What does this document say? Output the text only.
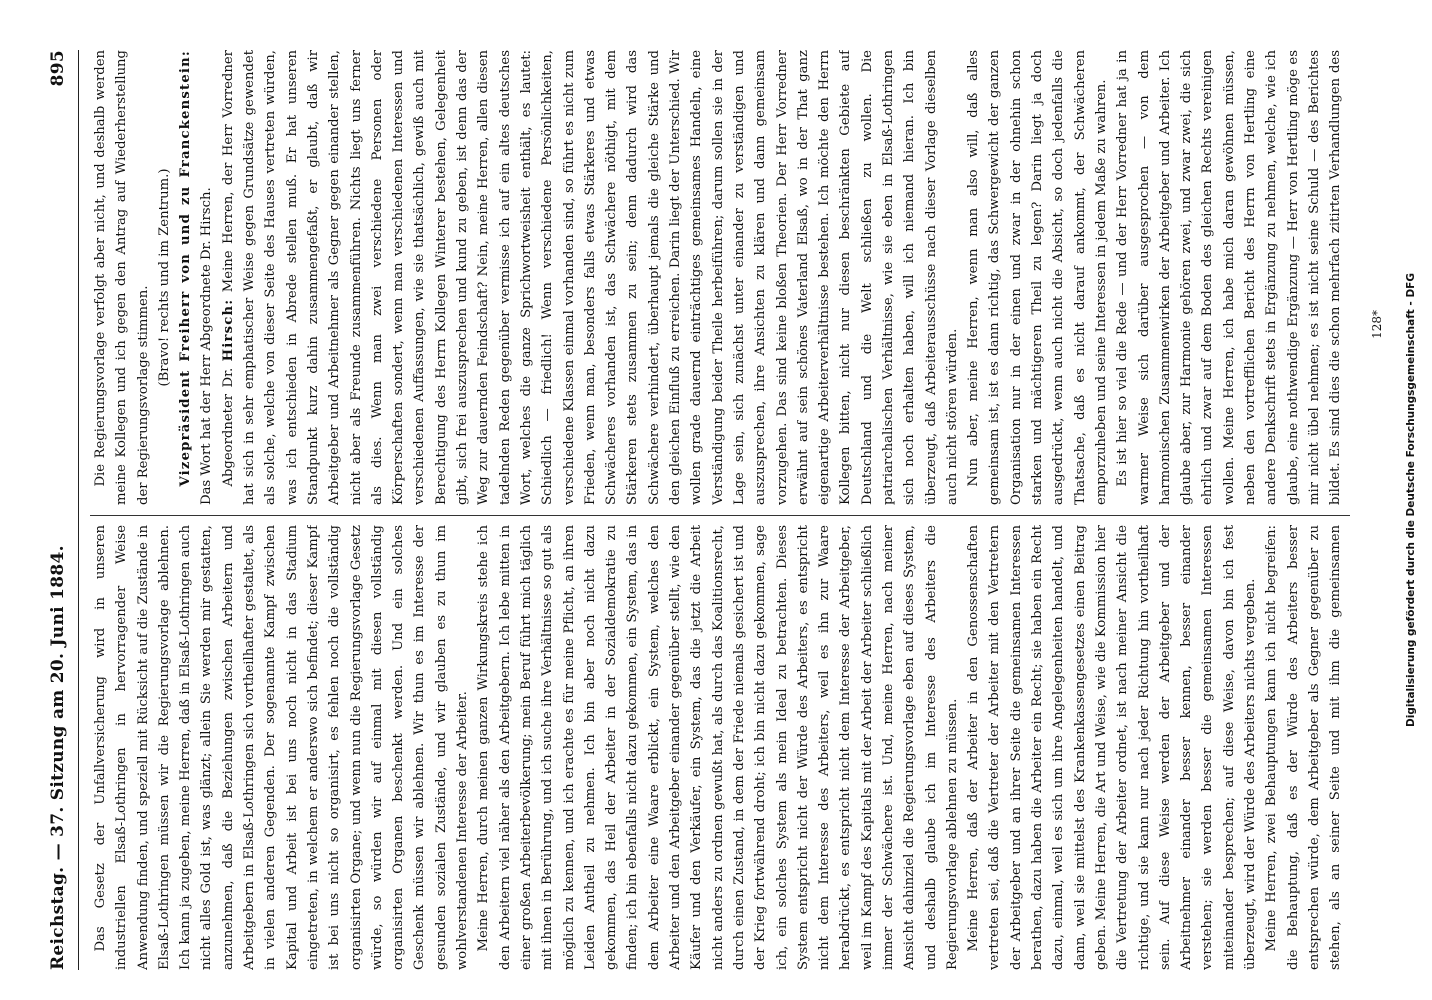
Reichstag. — 37. Sitzung am 20. Juni 1884.
895

Das Gesetz der Unfallversicherung wird in unseren industriellen Elsaß-Lothringen in hervorragender Weise Anwendung finden, und speziell mit Rücksicht auf die Zustände in Elsaß-Lothringen müssen wir die Regierungsvorlage ablehnen. Ich kann ja zugeben, meine Herren, daß in Elsaß-Lothringen auch nicht alles Gold ist, was glänzt; allein Sie werden mir gestatten, anzunehmen, daß die Beziehungen zwischen Arbeitern und Arbeitgebern in Elsaß-Lothringen sich vortheilhafter gestaltet, als in vielen anderen Gegenden. Der sogenannte Kampf zwischen Kapital und Arbeit ist bei uns noch nicht in das Stadium eingetreten, in welchem er anderswo sich befindet; dieser Kampf ist bei uns nicht so organisirt, es fehlen noch die vollständig organisirten Organe; und wenn nun die Regierungsvorlage Gesetz würde, so würden wir auf einmal mit diesen vollständig organisirten Organen beschenkt werden. Und ein solches Geschenk müssen wir ablehnen. Wir thun es im Interesse der gesunden sozialen Zustände, und wir glauben es zu thun im wohlverstandenen Interesse der Arbeiter. Meine Herren, durch meinen ganzen Wirkungskreis stehe ich den Arbeitern viel näher als den Arbeitgebern. Ich lebe mitten in einer großen Arbeiterbevölkerung; mein Beruf führt mich täglich mit ihnen in Berührung, und ich suche ihre Verhältnisse so gut als möglich zu kennen, und ich erachte es für meine Pflicht, an ihren Leiden Antheil zu nehmen. Ich bin aber noch nicht dazu gekommen, das Heil der Arbeiter in der Sozialdemokratie zu finden; ich bin ebenfalls nicht dazu gekommen, ein System, das in dem Arbeiter eine Waare erblickt, ein System, welches den Arbeiter und den Arbeitgeber einander gegenüber stellt, wie den Käufer und den Verkäufer, ein System, das die jetzt die Arbeit nicht anders zu ordnen gewußt hat, als durch das Koalitionsrecht, durch einen Zustand, in dem der Friede niemals gesichert ist und der Krieg fortwährend droht; ich bin nicht dazu gekommen, sage ich, ein solches System als mein Ideal zu betrachten. Dieses System entspricht nicht der Würde des Arbeiters, es entspricht nicht dem Interesse des Arbeiters, weil es ihn zur Waare herabdrückt, es entspricht nicht dem Interesse der Arbeitgeber, weil im Kampf des Kapitals mit der Arbeit der Arbeiter schließlich immer der Schwächere ist. Und, meine Herren, nach meiner Ansicht dahinziel die Regierungsvorlage eben auf dieses System, und deshalb glaube ich im Interesse des Arbeiters die Regierungsvorlage ablehnen zu müssen. Meine Herren, daß der Arbeiter in den Genossenschaften vertreten sei, daß die Vertreter der Arbeiter mit den Vertretern der Arbeitgeber und an ihrer Seite die gemeinsamen Interessen berathen, dazu haben die Arbeiter ein Recht; sie haben ein Recht dazu, einmal, weil es sich um ihre Angelegenheiten handelt, und dann, weil sie mittelst des Krankenkassengesetzes einen Beitrag geben. Meine Herren, die Art und Weise, wie die Kommission hier die Vertretung der Arbeiter ordnet, ist nach meiner Ansicht die richtige, und sie kann nur nach jeder Richtung hin vortheilhaft sein. Auf diese Weise werden der Arbeitgeber und der Arbeitnehmer einander besser kennen, besser einander verstehen; sie werden besser die gemeinsamen Interessen miteinander besprechen; auf diese Weise, davon bin ich fest überzeugt, wird der Würde des Arbeiters nichts vergeben. Meine Herren, zwei Behauptungen kann ich nicht begreifen: die Behauptung, daß es der Würde des Arbeiters besser entsprechen würde, dem Arbeitgeber als Gegner gegenüber zu stehen, als an seiner Seite und mit ihm die gemeinsamen

Die Regierungsvorlage verfolgt aber nicht, und deshalb werden meine Kollegen und ich gegen den Antrag auf Wiederherstellung der Regierungsvorlage stimmen.

(Bravo! rechts und im Zentrum.) Vizepräsident Freiherr von und zu Franckenstein: Das Wort hat der Herr Abgeordnete Dr. Hirsch. Abgeordneter Dr. Hirsch: Meine Herren, der Herr Vorredner hat sich in sehr emphatischer Weise gegen Grundsätze gewendet als solche, welche von dieser Seite des Hauses vertreten würden, was ich entschieden in Abrede stellen muß. Er hat unseren Standpunkt kurz dahin zusammengefaßt, er glaubt, daß wir Arbeitgeber und Arbeitnehmer als Gegner gegen einander stellen, nicht aber als Freunde zusammenführen. Nichts liegt uns ferner als dies. Wenn man zwei verschiedene Personen oder Körperschaften sondert, wenn man verschiedenen Interessen und verschiedenen Auffassungen, wie sie thatsächlich, gewiß auch mit Berechtigung des Herrn Kollegen Winterer bestehen, Gelegenheit gibt, sich frei auszusprechen und kund zu geben, ist denn das der Weg zur dauernden Feindschaft? Nein, meine Herren, allen diesen tadelnden Reden gegenüber vermisse ich auf ein altes deutsches Wort, welches die ganze Sprichwortweisheit enthält, es lautet: Schiedlich — friedlich! Wenn verschiedene Persönlichkeiten, verschiedene Klassen einmal vorhanden sind, so führt es nicht zum Frieden, wenn man, besonders falls etwas Stärkeres und etwas Schwächeres vorhanden ist, das Schwächere nöthigt, mit dem Stärkeren stets zusammen zu sein; denn dadurch wird das Schwächere verhindert, überhaupt jemals die gleiche Stärke und den gleichen Einfluß zu erreichen. Darin liegt der Unterschied. Wir wollen grade dauernd einträchtiges gemeinsames Handeln, eine Verständigung beider Theile herbeiführen; darum sollen sie in der Lage sein, sich zunächst unter einander zu verständigen und auszusprechen, ihre Ansichten zu klären und dann gemeinsam vorzugehen. Das sind keine bloßen Theorien. Der Herr Vorredner erwähnt auf sein schönes Vaterland Elsaß, wo in der That ganz eigenartige Arbeiterverhältnisse bestehen. Ich möchte den Herrn Kollegen bitten, nicht nur diesen beschränkten Gebiete auf Deutschland und die Welt schließen zu wollen. Die patriarchalischen Verhältnisse, wie sie eben in Elsaß-Lothringen sich noch erhalten haben, will ich niemand hieran. Ich bin überzeugt, daß Arbeiterausschüsse nach dieser Vorlage dieselben auch nicht stören würden. Nun aber, meine Herren, wenn man also will, daß alles gemeinsam ist, ist es dann richtig, das Schwergewicht der ganzen Organisation nur in der einen und zwar in der ohnehin schon starken und mächtigeren Theil zu legen? Darin liegt ja doch ausgedrückt, wenn auch nicht die Absicht, so doch jedenfalls die Thatsache, daß es nicht darauf ankommt, der Schwächeren emporzuheben und seine Interessen in jedem Maße zu wahren. Es ist hier so viel die Rede — und der Herr Vorredner hat ja in warmer Weise sich darüber ausgesprochen — von dem harmonischen Zusammenwirken der Arbeitgeber und Arbeiter. Ich glaube aber, zur Harmonie gehören zwei, und zwar zwei, die sich ehrlich und zwar auf dem Boden des gleichen Rechts vereinigen wollen. Meine Herren, ich habe mich daran gewöhnen müssen, neben den vortrefflichen Bericht des Herrn von Hertling eine andere Denkschrift stets in Ergänzung zu nehmen, welche, wie ich glaube, eine nothwendige Ergänzung — Herr von Hertling möge es mir nicht übel nehmen; es ist nicht seine Schuld — des Berichtes bildet. Es sind dies die schon mehrfach zitirten Verhandlungen des

128* Digitalisierung gefördert durch die Deutsche Forschungsgemeinschaft - DFG
